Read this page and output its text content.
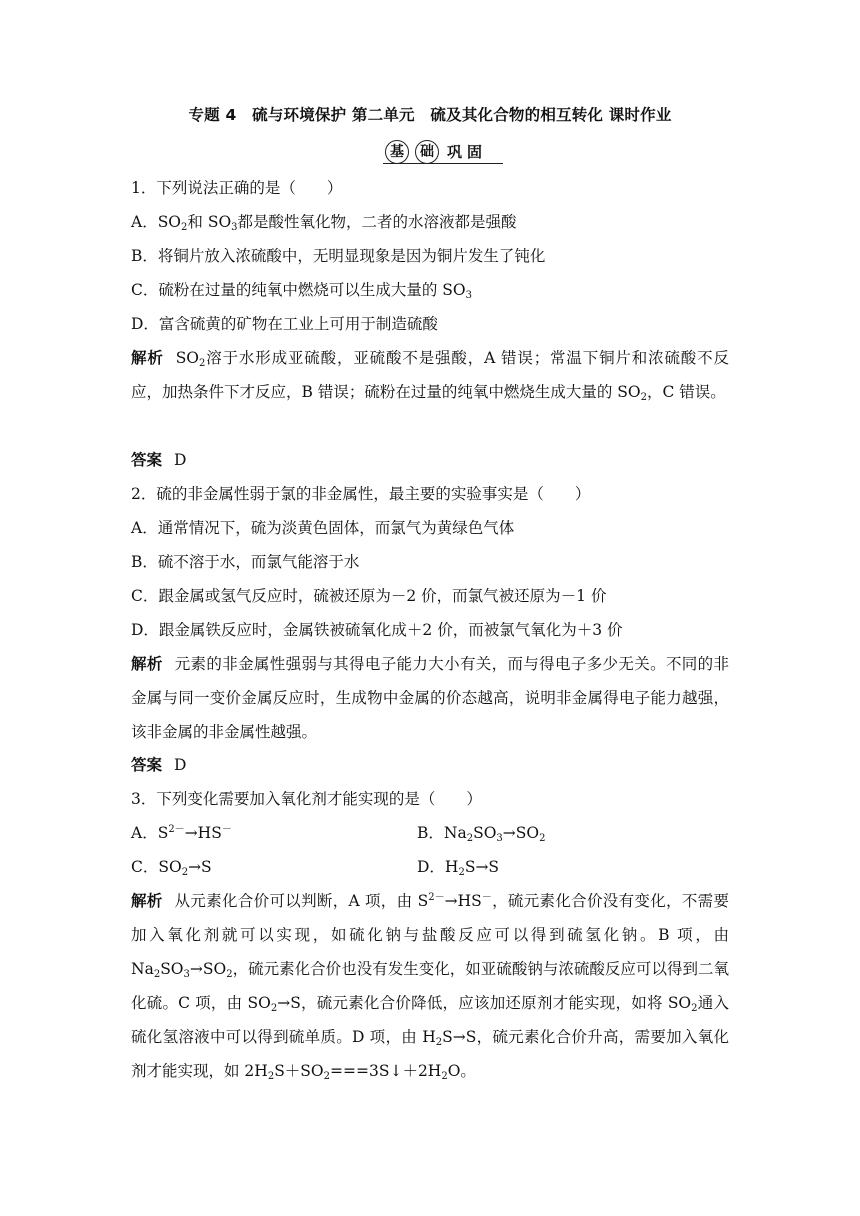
专题 4　硫与环境保护 第二单元　硫及其化合物的相互转化 课时作业
基	础 巩 固
1．下列说法正确的是（　　）
A．$SO_2$和 $SO_3$都是酸性氧化物，二者的水溶液都是强酸
B．将铜片放入浓硫酸中，无明显现象是因为铜片发生了钝化
C．硫粉在过量的纯氧中燃烧可以生成大量的 $SO_3$
D．富含硫黄的矿物在工业上可用于制造硫酸
解析 $SO_2$溶于水形成亚硫酸，亚硫酸不是强酸，A 错误；常温下铜片和浓硫酸不反应，加热条件下才反应，B 错误；硫粉在过量的纯氧中燃烧生成大量的 $SO_2$，C 错误。
答案 D
2．硫的非金属性弱于氯的非金属性，最主要的实验事实是（　　）
A．通常情况下，硫为淡黄色固体，而氯气为黄绿色气体
B．硫不溶于水，而氯气能溶于水
C．跟金属或氢气反应时，硫被还原为－2 价，而氯气被还原为－1 价
D．跟金属铁反应时，金属铁被硫氧化成＋2 价，而被氯气氧化为＋3 价
解析 元素的非金属性强弱与其得电子能力大小有关，而与得电子多少无关。不同的非金属与同一变价金属反应时，生成物中金属的价态越高，说明非金属得电子能力越强，该非金属的非金属性越强。
答案 D
3．下列变化需要加入氧化剂才能实现的是（　　）
A．$S^{2-}\to HS^-$	B．$Na_2SO_3\to SO_2$
C．$SO_2\to S$	D．$H_2S\to S$
解析 从元素化合价可以判断，A 项，由 $S^{2-}\to HS^-$，硫元素化合价没有变化，不需要加入氧化剂就可以实现，如硫化钠与盐酸反应可以得到硫氢化钠。B 项，由 $Na_2SO_3\to SO_2$，硫元素化合价也没有发生变化，如亚硫酸钠与浓硫酸反应可以得到二氧化硫。C 项，由 $SO_2\to S$，硫元素化合价降低，应该加还原剂才能实现，如将 $SO_2$通入硫化氢溶液中可以得到硫单质。D 项，由 $H_2S\to S$，硫元素化合价升高，需要加入氧化剂才能实现，如 $2H_2S+SO_2===3S↓+2H_2O$。
